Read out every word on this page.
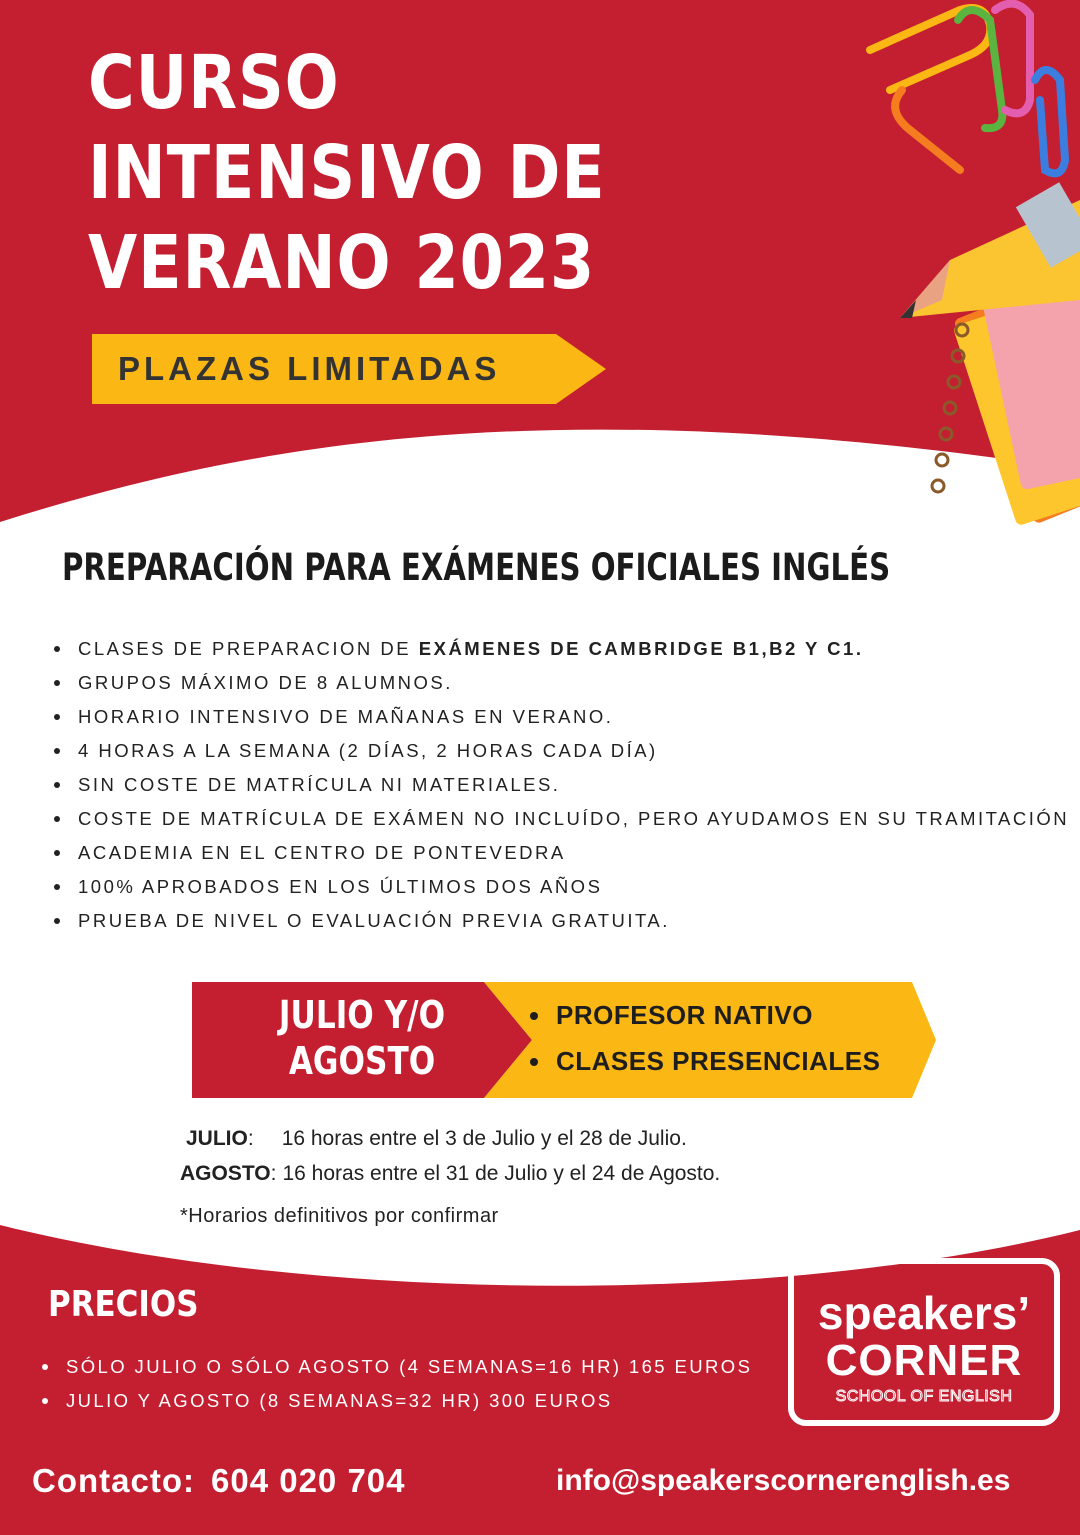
CURSO
INTENSIVO DE
VERANO 2023
PLAZAS LIMITADAS
PREPARACIÓN PARA EXÁMENES OFICIALES INGLÉS
CLASES DE PREPARACION DE EXÁMENES DE CAMBRIDGE B1,B2 Y C1.
GRUPOS MÁXIMO DE 8 ALUMNOS.
HORARIO INTENSIVO DE MAÑANAS EN VERANO.
4 HORAS A LA SEMANA (2 DÍAS, 2 HORAS CADA DÍA)
SIN COSTE DE MATRÍCULA NI MATERIALES.
COSTE DE MATRÍCULA DE EXÁMEN NO INCLUÍDO, PERO AYUDAMOS EN SU TRAMITACIÓN
ACADEMIA EN EL CENTRO DE PONTEVEDRA
100% APROBADOS EN LOS ÚLTIMOS DOS AÑOS
PRUEBA DE NIVEL O EVALUACIÓN PREVIA GRATUITA.
JULIO Y/O
AGOSTO
PROFESOR NATIVO
CLASES PRESENCIALES
JULIO: 16 horas entre el 3 de Julio y el 28 de Julio.
AGOSTO: 16 horas entre el 31 de Julio y el 24 de Agosto.
*Horarios definitivos por confirmar
PRECIOS
SÓLO JULIO O SÓLO AGOSTO (4 SEMANAS=16 HR) 165 EUROS
JULIO Y AGOSTO (8 SEMANAS=32 HR) 300 EUROS
speakers’
CORNER
SCHOOL OF ENGLISH
Contacto: 604 020 704	info@speakerscornerenglish.es
